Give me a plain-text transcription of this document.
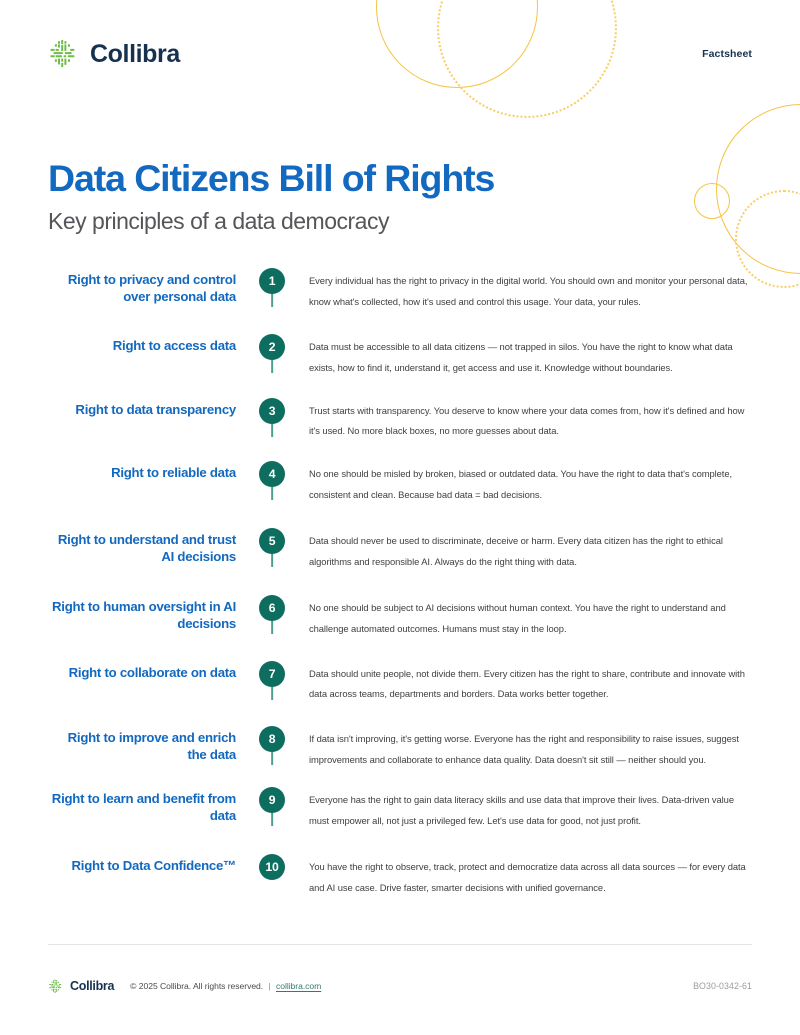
Collibra	Factsheet
Data Citizens Bill of Rights
Key principles of a data democracy
Right to privacy and control over personal data
1	Every individual has the right to privacy in the digital world. You should own and monitor your personal data, know what's collected, how it's used and control this usage. Your data, your rules.
Right to access data	2	Data must be accessible to all data citizens — not trapped in silos. You have the right to know what data exists, how to find it, understand it, get access and use it. Knowledge without boundaries.
Right to data transparency	3	Trust starts with transparency. You deserve to know where your data comes from, how it's defined and how it's used. No more black boxes, no more guesses about data.
Right to reliable data	4	No one should be misled by broken, biased or outdated data. You have the right to data that's complete, consistent and clean. Because bad data = bad decisions.
Right to understand and trust AI decisions
5	Data should never be used to discriminate, deceive or harm. Every data citizen has the right to ethical algorithms and responsible AI. Always do the right thing with data.
Right to human oversight in AI decisions
6	No one should be subject to AI decisions without human context. You have the right to understand and challenge automated outcomes. Humans must stay in the loop.
Right to collaborate on data	7	Data should unite people, not divide them. Every citizen has the right to share, contribute and innovate with data across teams, departments and borders. Data works better together.
Right to improve and enrich the data
8	If data isn't improving, it's getting worse. Everyone has the right and responsibility to raise issues, suggest improvements and collaborate to enhance data quality. Data doesn't sit still — neither should you.
Right to learn and benefit from data
9	Everyone has the right to gain data literacy skills and use data that improve their lives. Data-driven value must empower all, not just a privileged few. Let's use data for good, not just profit.
Right to Data Confidence™	10	You have the right to observe, track, protect and democratize data across all data sources — for every data and AI use case. Drive faster, smarter decisions with unified governance.
Collibra © 2025 Collibra. All rights reserved. | collibra.com	BO30-0342-61
